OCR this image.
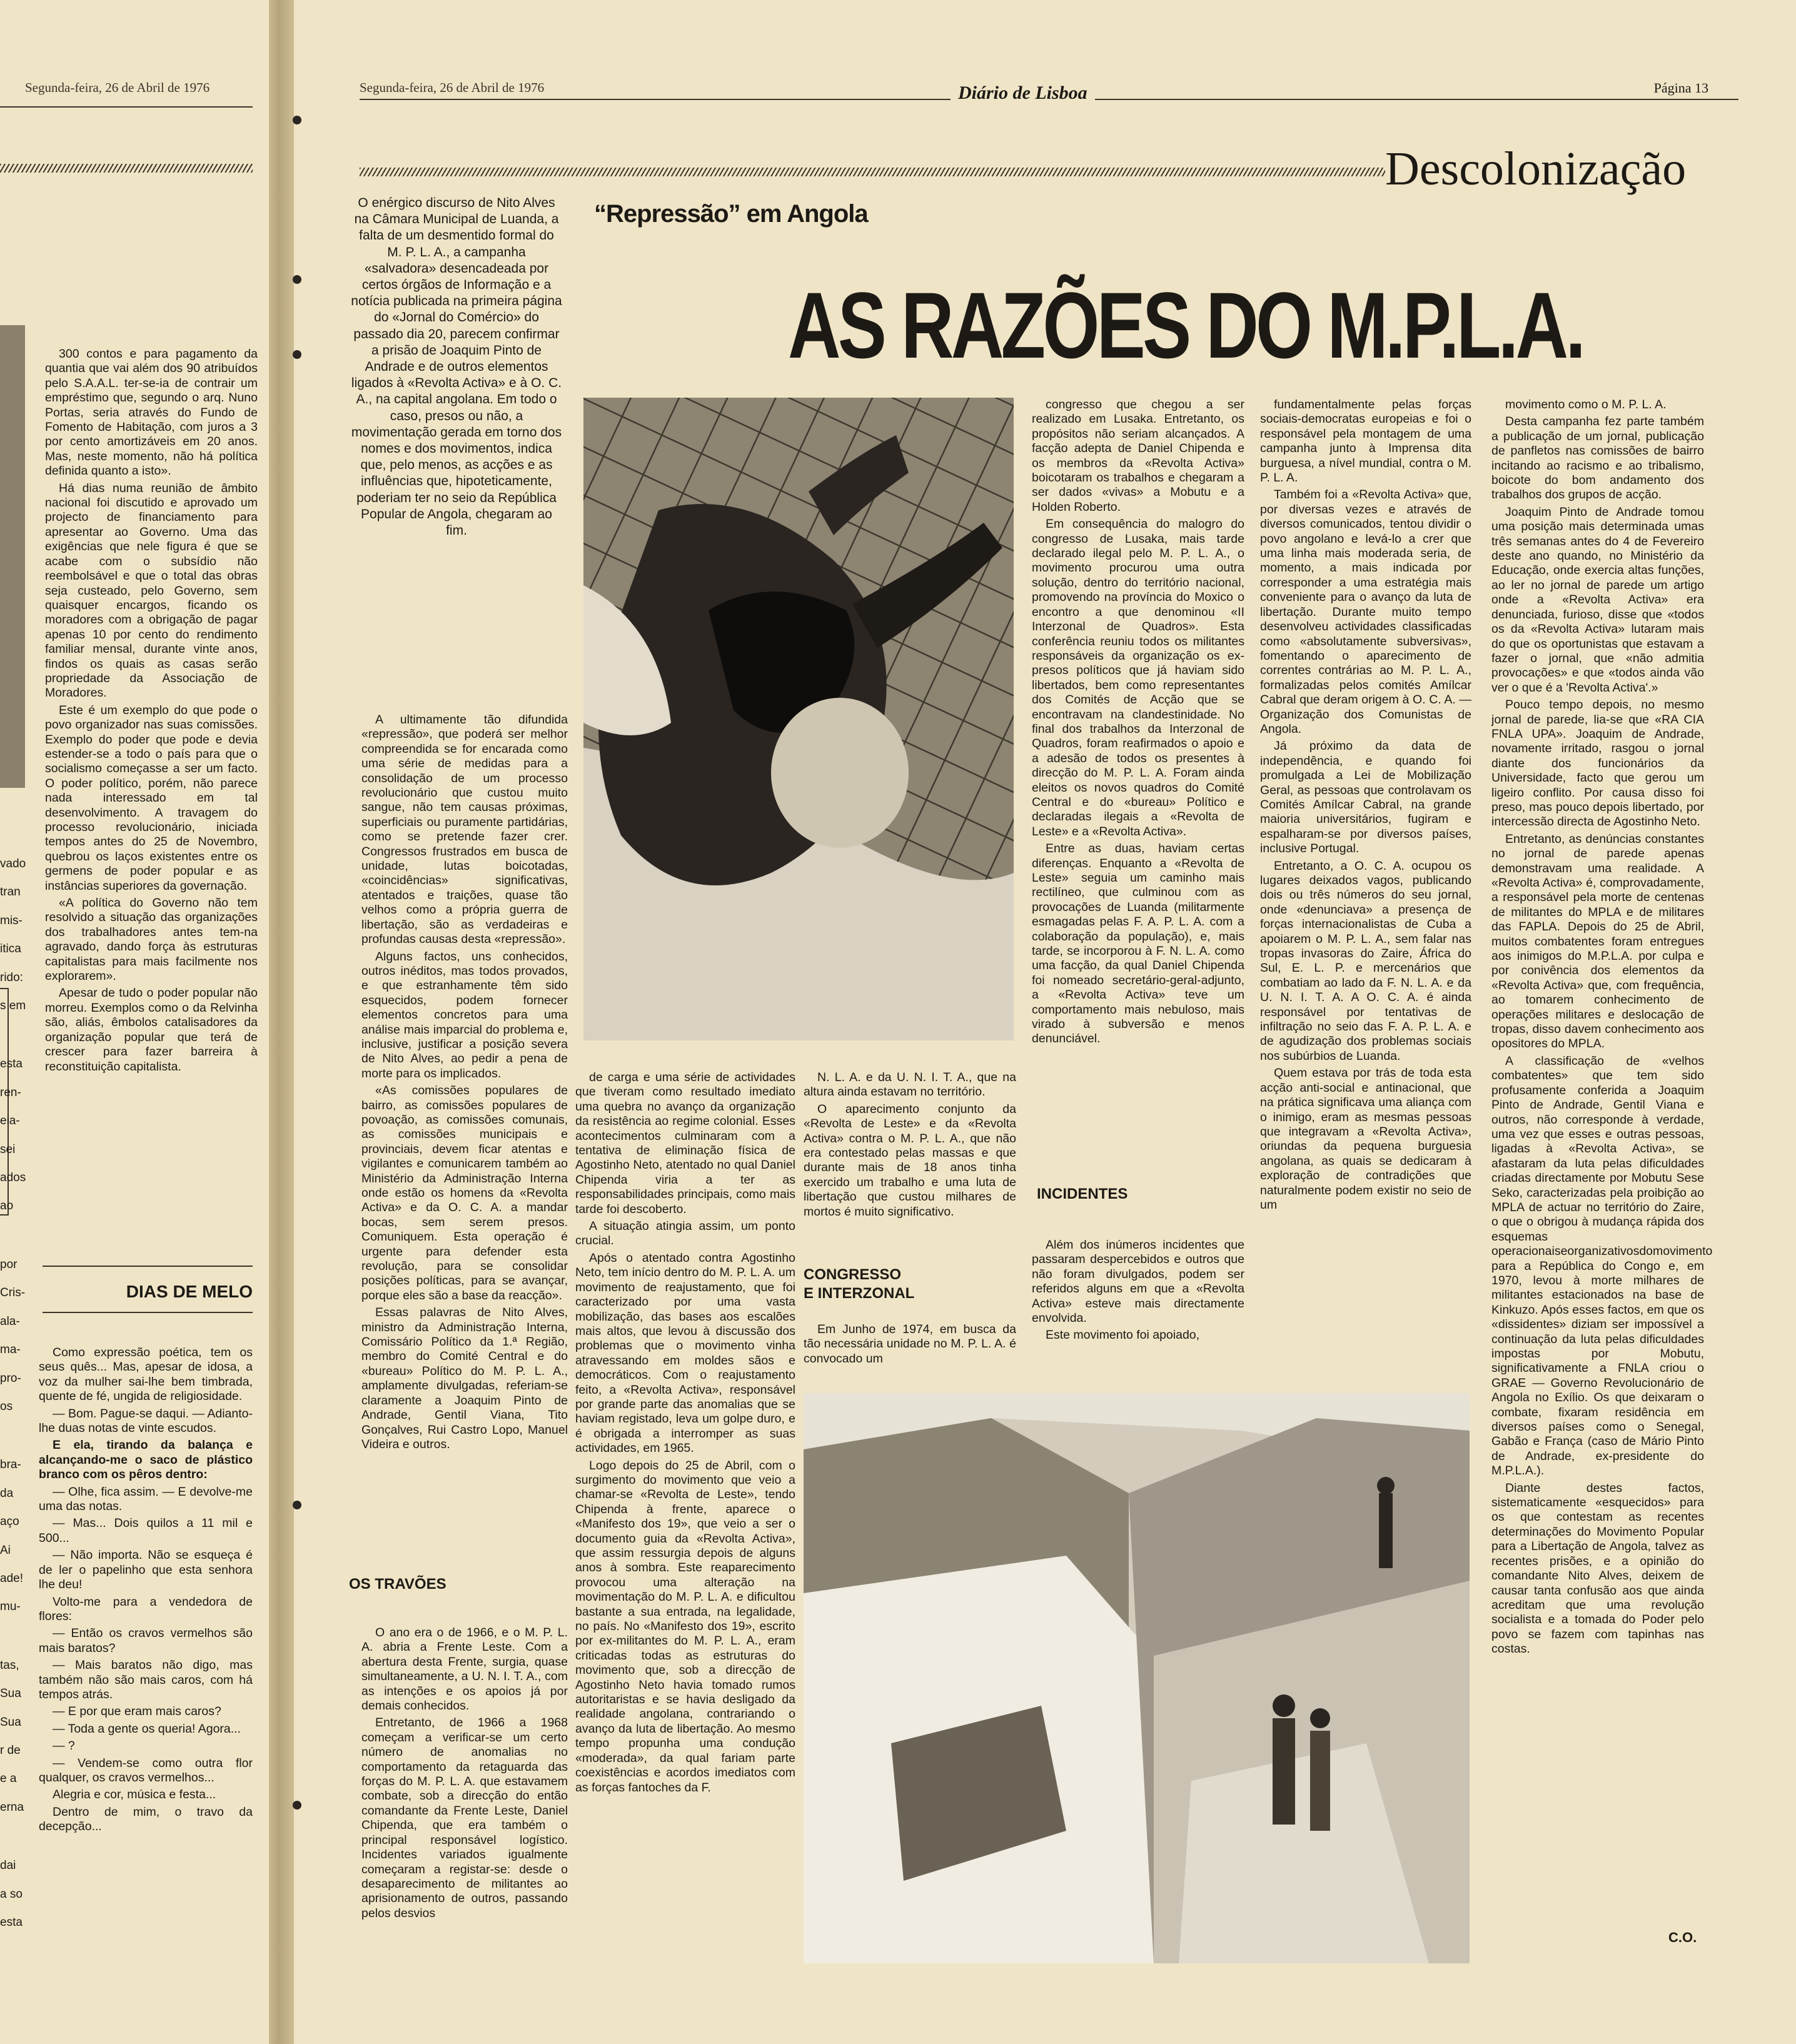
Segunda-feira, 26 de Abril de 1976

300 contos e para pagamento da quantia que vai além dos 90 atribuídos pelo S.A.A.L. ter-se-ia de contrair um empréstimo que, segundo o arq. Nuno Portas, seria através do Fundo de Fomento de Habitação, com juros a 3 por cento amortizáveis em 20 anos. Mas, neste momento, não há política definida quanto a isto».

Há dias numa reunião de âmbito nacional foi discutido e aprovado um projecto de financiamento para apresentar ao Governo. Uma das exigências que nele figura é que se acabe com o subsídio não reembolsável e que o total das obras seja custeado, pelo Governo, sem quaisquer encargos, ficando os moradores com a obrigação de pagar apenas 10 por cento do rendimento familiar mensal, durante vinte anos, findos os quais as casas serão propriedade da Associação de Moradores.

Este é um exemplo do que pode o povo organizador nas suas comissões. Exemplo do poder que pode e devia estender-se a todo o país para que o socialismo começasse a ser um facto. O poder político, porém, não parece nada interessado em tal desenvolvimento. A travagem do processo revolucionário, iniciada tempos antes do 25 de Novembro, quebrou os laços existentes entre os germens de poder popular e as instâncias superiores da governação.

«A política do Governo não tem resolvido a situação das organizações dos trabalhadores antes tem-na agravado, dando força às estruturas capitalistas para mais facilmente nos explorarem».

Apesar de tudo o poder popular não morreu. Exemplos como o da Relvinha são, aliás, êmbolos catalisadores da organização popular que terá de crescer para fazer barreira à reconstituição capitalista.

DIAS DE MELO

Como expressão poética, tem os seus quês... Mas, apesar de idosa, a voz da mulher sai-lhe bem timbrada, quente de fé, ungida de religiosidade.

— Bom. Pague-se daqui. — Adianto-lhe duas notas de vinte escudos.

E ela, tirando da balança e alcançando-me o saco de plástico branco com os pêros dentro:

— Olhe, fica assim. — E devolve-me uma das notas.

— Mas... Dois quilos a 11 mil e 500...

— Não importa. Não se esqueça é de ler o papelinho que esta senhora lhe deu!

Volto-me para a vendedora de flores:

— Então os cravos vermelhos são mais baratos?

— Mais baratos não digo, mas também não são mais caros, com há tempos atrás.

— E por que eram mais caros?

— Toda a gente os queria! Agora...

— ?

— Vendem-se como outra flor qualquer, os cravos vermelhos...

Alegria e cor, música e festa...

Dentro de mim, o travo da decepção...

vado
tran
mis-
itica
rido:
s em
esta
ren-
eia-
sei
ados
ao
por
Cris-
ala-
ma-
pro-
os
bra-
da
aço
Ai
ade!
mu-
tas,
Sua
Sua
r de
e a
erna
dai
a so
esta
Segunda-feira, 26 de Abril de 1976	Diário de Lisboa	Página 13
Descolonização

O enérgico discurso de Nito Alves na Câmara Municipal de Luanda, a falta de um desmentido formal do M. P. L. A., a campanha «salvadora» desencadeada por certos órgãos de Informação e a notícia publicada na primeira página do «Jornal do Comércio» do passado dia 20, parecem confirmar a prisão de Joaquim Pinto de Andrade e de outros elementos ligados à «Revolta Activa» e à O. C. A., na capital angolana. Em todo o caso, presos ou não, a movimentação gerada em torno dos nomes e dos movimentos, indica que, pelo menos, as acções e as influências que, hipoteticamente, poderiam ter no seio da República Popular de Angola, chegaram ao fim.

“Repressão” em Angola
AS RAZÕES DO M.P.L.A.

A ultimamente tão difundida «repressão», que poderá ser melhor compreendida se for encarada como uma série de medidas para a consolidação de um processo revolucionário que custou muito sangue, não tem causas próximas, superficiais ou puramente partidárias, como se pretende fazer crer. Congressos frustrados em busca de unidade, lutas boicotadas, «coincidências» significativas, atentados e traições, quase tão velhos como a própria guerra de libertação, são as verdadeiras e profundas causas desta «repressão».

Alguns factos, uns conhecidos, outros inéditos, mas todos provados, e que estranhamente têm sido esquecidos, podem fornecer elementos concretos para uma análise mais imparcial do problema e, inclusive, justificar a posição severa de Nito Alves, ao pedir a pena de morte para os implicados.

«As comissões populares de bairro, as comissões populares de povoação, as comissões comunais, as comissões municipais e provinciais, devem ficar atentas e vigilantes e comunicarem também ao Ministério da Administração Interna onde estão os homens da «Revolta Activa» e da O. C. A. a mandar bocas, sem serem presos. Comuniquem. Esta operação é urgente para defender esta revolução, para se consolidar posições políticas, para se avançar, porque eles são a base da reacção».

Essas palavras de Nito Alves, ministro da Administração Interna, Comissário Político da 1.ª Região, membro do Comité Central e do «bureau» Político do M. P. L. A., amplamente divulgadas, referiam-se claramente a Joaquim Pinto de Andrade, Gentil Viana, Tito Gonçalves, Rui Castro Lopo, Manuel Videira e outros.

OS TRAVÕES

O ano era o de 1966, e o M. P. L. A. abria a Frente Leste. Com a abertura desta Frente, surgia, quase simultaneamente, a U. N. I. T. A., com as intenções e os apoios já por demais conhecidos.

Entretanto, de 1966 a 1968 começam a verificar-se um certo número de anomalias no comportamento da retaguarda das forças do M. P. L. A. que estavamem combate, sob a direcção do então comandante da Frente Leste, Daniel Chipenda, que era também o principal responsável logístico. Incidentes variados igualmente começaram a registar-se: desde o desaparecimento de militantes ao aprisionamento de outros, passando pelos desvios

de carga e uma série de actividades que tiveram como resultado imediato uma quebra no avanço da organização da resistência ao regime colonial. Esses acontecimentos culminaram com a tentativa de eliminação física de Agostinho Neto, atentado no qual Daniel Chipenda viria a ter as responsabilidades principais, como mais tarde foi descoberto.

A situação atingia assim, um ponto crucial.

Após o atentado contra Agostinho Neto, tem início dentro do M. P. L. A. um movimento de reajustamento, que foi caracterizado por uma vasta mobilização, das bases aos escalões mais altos, que levou à discussão dos problemas que o movimento vinha atravessando em moldes sãos e democráticos. Com o reajustamento feito, a «Revolta Activa», responsável por grande parte das anomalias que se haviam registado, leva um golpe duro, e é obrigada a interromper as suas actividades, em 1965.

Logo depois do 25 de Abril, com o surgimento do movimento que veio a chamar-se «Revolta de Leste», tendo Chipenda à frente, aparece o «Manifesto dos 19», que veio a ser o documento guia da «Revolta Activa», que assim ressurgia depois de alguns anos à sombra. Este reaparecimento provocou uma alteração na movimentação do M. P. L. A. e dificultou bastante a sua entrada, na legalidade, no país. No «Manifesto dos 19», escrito por ex-militantes do M. P. L. A., eram criticadas todas as estruturas do movimento que, sob a direcção de Agostinho Neto havia tomado rumos autoritaristas e se havia desligado da realidade angolana, contrariando o avanço da luta de libertação. Ao mesmo tempo propunha uma condução «moderada», da qual fariam parte coexistências e acordos imediatos com as forças fantoches da F.

N. L. A. e da U. N. I. T. A., que na altura ainda estavam no território.

O aparecimento conjunto da «Revolta de Leste» e da «Revolta Activa» contra o M. P. L. A., que não era contestado pelas massas e que durante mais de 18 anos tinha exercido um trabalho e uma luta de libertação que custou milhares de mortos é muito significativo.

CONGRESSO
E INTERZONAL

Em Junho de 1974, em busca da tão necessária unidade no M. P. L. A. é convocado um

congresso que chegou a ser realizado em Lusaka. Entretanto, os propósitos não seriam alcançados. A facção adepta de Daniel Chipenda e os membros da «Revolta Activa» boicotaram os trabalhos e chegaram a ser dados «vivas» a Mobutu e a Holden Roberto.

Em consequência do malogro do congresso de Lusaka, mais tarde declarado ilegal pelo M. P. L. A., o movimento procurou uma outra solução, dentro do território nacional, promovendo na província do Moxico o encontro a que denominou «II Interzonal de Quadros». Esta conferência reuniu todos os militantes responsáveis da organização os ex-presos políticos que já haviam sido libertados, bem como representantes dos Comités de Acção que se encontravam na clandestinidade. No final dos trabalhos da Interzonal de Quadros, foram reafirmados o apoio e a adesão de todos os presentes à direcção do M. P. L. A. Foram ainda eleitos os novos quadros do Comité Central e do «bureau» Político e declaradas ilegais a «Revolta de Leste» e a «Revolta Activa».

Entre as duas, haviam certas diferenças. Enquanto a «Revolta de Leste» seguia um caminho mais rectilíneo, que culminou com as provocações de Luanda (militarmente esmagadas pelas F. A. P. L. A. com a colaboração da população), e, mais tarde, se incorporou à F. N. L. A. como uma facção, da qual Daniel Chipenda foi nomeado secretário-geral-adjunto, a «Revolta Activa» teve um comportamento mais nebuloso, mais virado à subversão e menos denunciável.

INCIDENTES

Além dos inúmeros incidentes que passaram despercebidos e outros que não foram divulgados, podem ser referidos alguns em que a «Revolta Activa» esteve mais directamente envolvida.

Este movimento foi apoiado,

fundamentalmente pelas forças sociais-democratas europeias e foi o responsável pela montagem de uma campanha junto à Imprensa dita burguesa, a nível mundial, contra o M. P. L. A.

Também foi a «Revolta Activa» que, por diversas vezes e através de diversos comunicados, tentou dividir o povo angolano e levá-lo a crer que uma linha mais moderada seria, de momento, a mais indicada por corresponder a uma estratégia mais conveniente para o avanço da luta de libertação. Durante muito tempo desenvolveu actividades classificadas como «absolutamente subversivas», fomentando o aparecimento de correntes contrárias ao M. P. L. A., formalizadas pelos comités Amílcar Cabral que deram origem à O. C. A. — Organização dos Comunistas de Angola.

Já próximo da data de independência, e quando foi promulgada a Lei de Mobilização Geral, as pessoas que controlavam os Comités Amílcar Cabral, na grande maioria universitários, fugiram e espalharam-se por diversos países, inclusive Portugal.

Entretanto, a O. C. A. ocupou os lugares deixados vagos, publicando dois ou três números do seu jornal, onde «denunciava» a presença de forças internacionalistas de Cuba a apoiarem o M. P. L. A., sem falar nas tropas invasoras do Zaire, África do Sul, E. L. P. e mercenários que combatiam ao lado da F. N. L. A. e da U. N. I. T. A. A O. C. A. é ainda responsável por tentativas de infiltração no seio das F. A. P. L. A. e de agudização dos problemas sociais nos subúrbios de Luanda.

Quem estava por trás de toda esta acção anti-social e antinacional, que na prática significava uma aliança com o inimigo, eram as mesmas pessoas que integravam a «Revolta Activa», oriundas da pequena burguesia angolana, as quais se dedicaram à exploração de contradições que naturalmente podem existir no seio de um

movimento como o M. P. L. A.

Desta campanha fez parte também a publicação de um jornal, publicação de panfletos nas comissões de bairro incitando ao racismo e ao tribalismo, boicote do bom andamento dos trabalhos dos grupos de acção.

Joaquim Pinto de Andrade tomou uma posição mais determinada umas três semanas antes do 4 de Fevereiro deste ano quando, no Ministério da Educação, onde exercia altas funções, ao ler no jornal de parede um artigo onde a «Revolta Activa» era denunciada, furioso, disse que «todos os da «Revolta Activa» lutaram mais do que os oportunistas que estavam a fazer o jornal, que «não admitia provocações» e que «todos ainda vão ver o que é a 'Revolta Activa'.»

Pouco tempo depois, no mesmo jornal de parede, lia-se que «RA CIA FNLA UPA». Joaquim de Andrade, novamente irritado, rasgou o jornal diante dos funcionários da Universidade, facto que gerou um ligeiro conflito. Por causa disso foi preso, mas pouco depois libertado, por intercessão directa de Agostinho Neto.

Entretanto, as denúncias constantes no jornal de parede apenas demonstravam uma realidade. A «Revolta Activa» é, comprovadamente, a responsável pela morte de centenas de militantes do MPLA e de militares das FAPLA. Depois do 25 de Abril, muitos combatentes foram entregues aos inimigos do M.P.L.A. por culpa e por conivência dos elementos da «Revolta Activa» que, com frequência, ao tomarem conhecimento de operações militares e deslocação de tropas, disso davem conhecimento aos opositores do MPLA.

A classificação de «velhos combatentes» que tem sido profusamente conferida a Joaquim Pinto de Andrade, Gentil Viana e outros, não corresponde à verdade, uma vez que esses e outras pessoas, ligadas à «Revolta Activa», se afastaram da luta pelas dificuldades criadas directamente por Mobutu Sese Seko, caracterizadas pela proibição ao MPLA de actuar no território do Zaire, o que o obrigou à mudança rápida dos esquemas operacionaiseorganizativosdomovimento para a República do Congo e, em 1970, levou à morte milhares de militantes estacionados na base de Kinkuzo. Após esses factos, em que os «dissidentes» diziam ser impossível a continuação da luta pelas dificuldades impostas por Mobutu, significativamente a FNLA criou o GRAE — Governo Revolucionário de Angola no Exílio. Os que deixaram o combate, fixaram residência em diversos países como o Senegal, Gabão e França (caso de Mário Pinto de Andrade, ex-presidente do M.P.L.A.).

Diante destes factos, sistematicamente «esquecidos» para os que contestam as recentes determinações do Movimento Popular para a Libertação de Angola, talvez as recentes prisões, e a opinião do comandante Nito Alves, deixem de causar tanta confusão aos que ainda acreditam que uma revolução socialista e a tomada do Poder pelo povo se fazem com tapinhas nas costas.

C.O.
